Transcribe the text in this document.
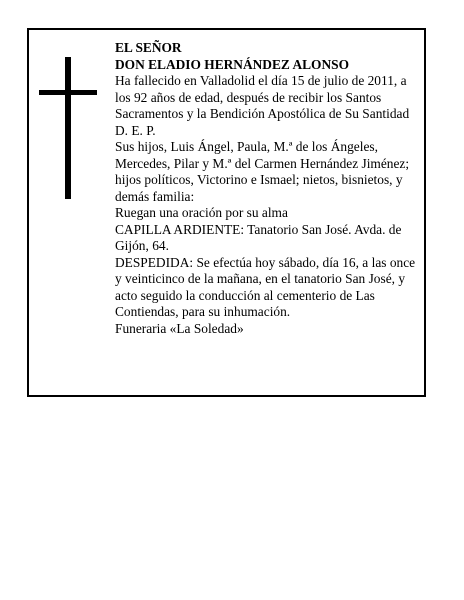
EL SEÑOR

DON ELADIO HERNÁNDEZ ALONSO

Ha fallecido en Valladolid el día 15 de julio de 2011, a los 92 años de edad, después de recibir los Santos Sacramentos y la Bendición Apostólica de Su Santidad D. E. P.

Sus hijos, Luis Ángel, Paula, M.ª de los Ángeles, Mercedes, Pilar y M.ª del Carmen Hernández Jiménez; hijos políticos, Victorino e Ismael; nietos, bisnietos, y demás familia:

Ruegan una oración por su alma

CAPILLA ARDIENTE: Tanatorio San José. Avda. de Gijón, 64.

DESPEDIDA: Se efectúa hoy sábado, día 16, a las once y veinticinco de la mañana, en el tanatorio San José, y acto seguido la conducción al cementerio de Las Contiendas, para su inhumación.

Funeraria «La Soledad»
